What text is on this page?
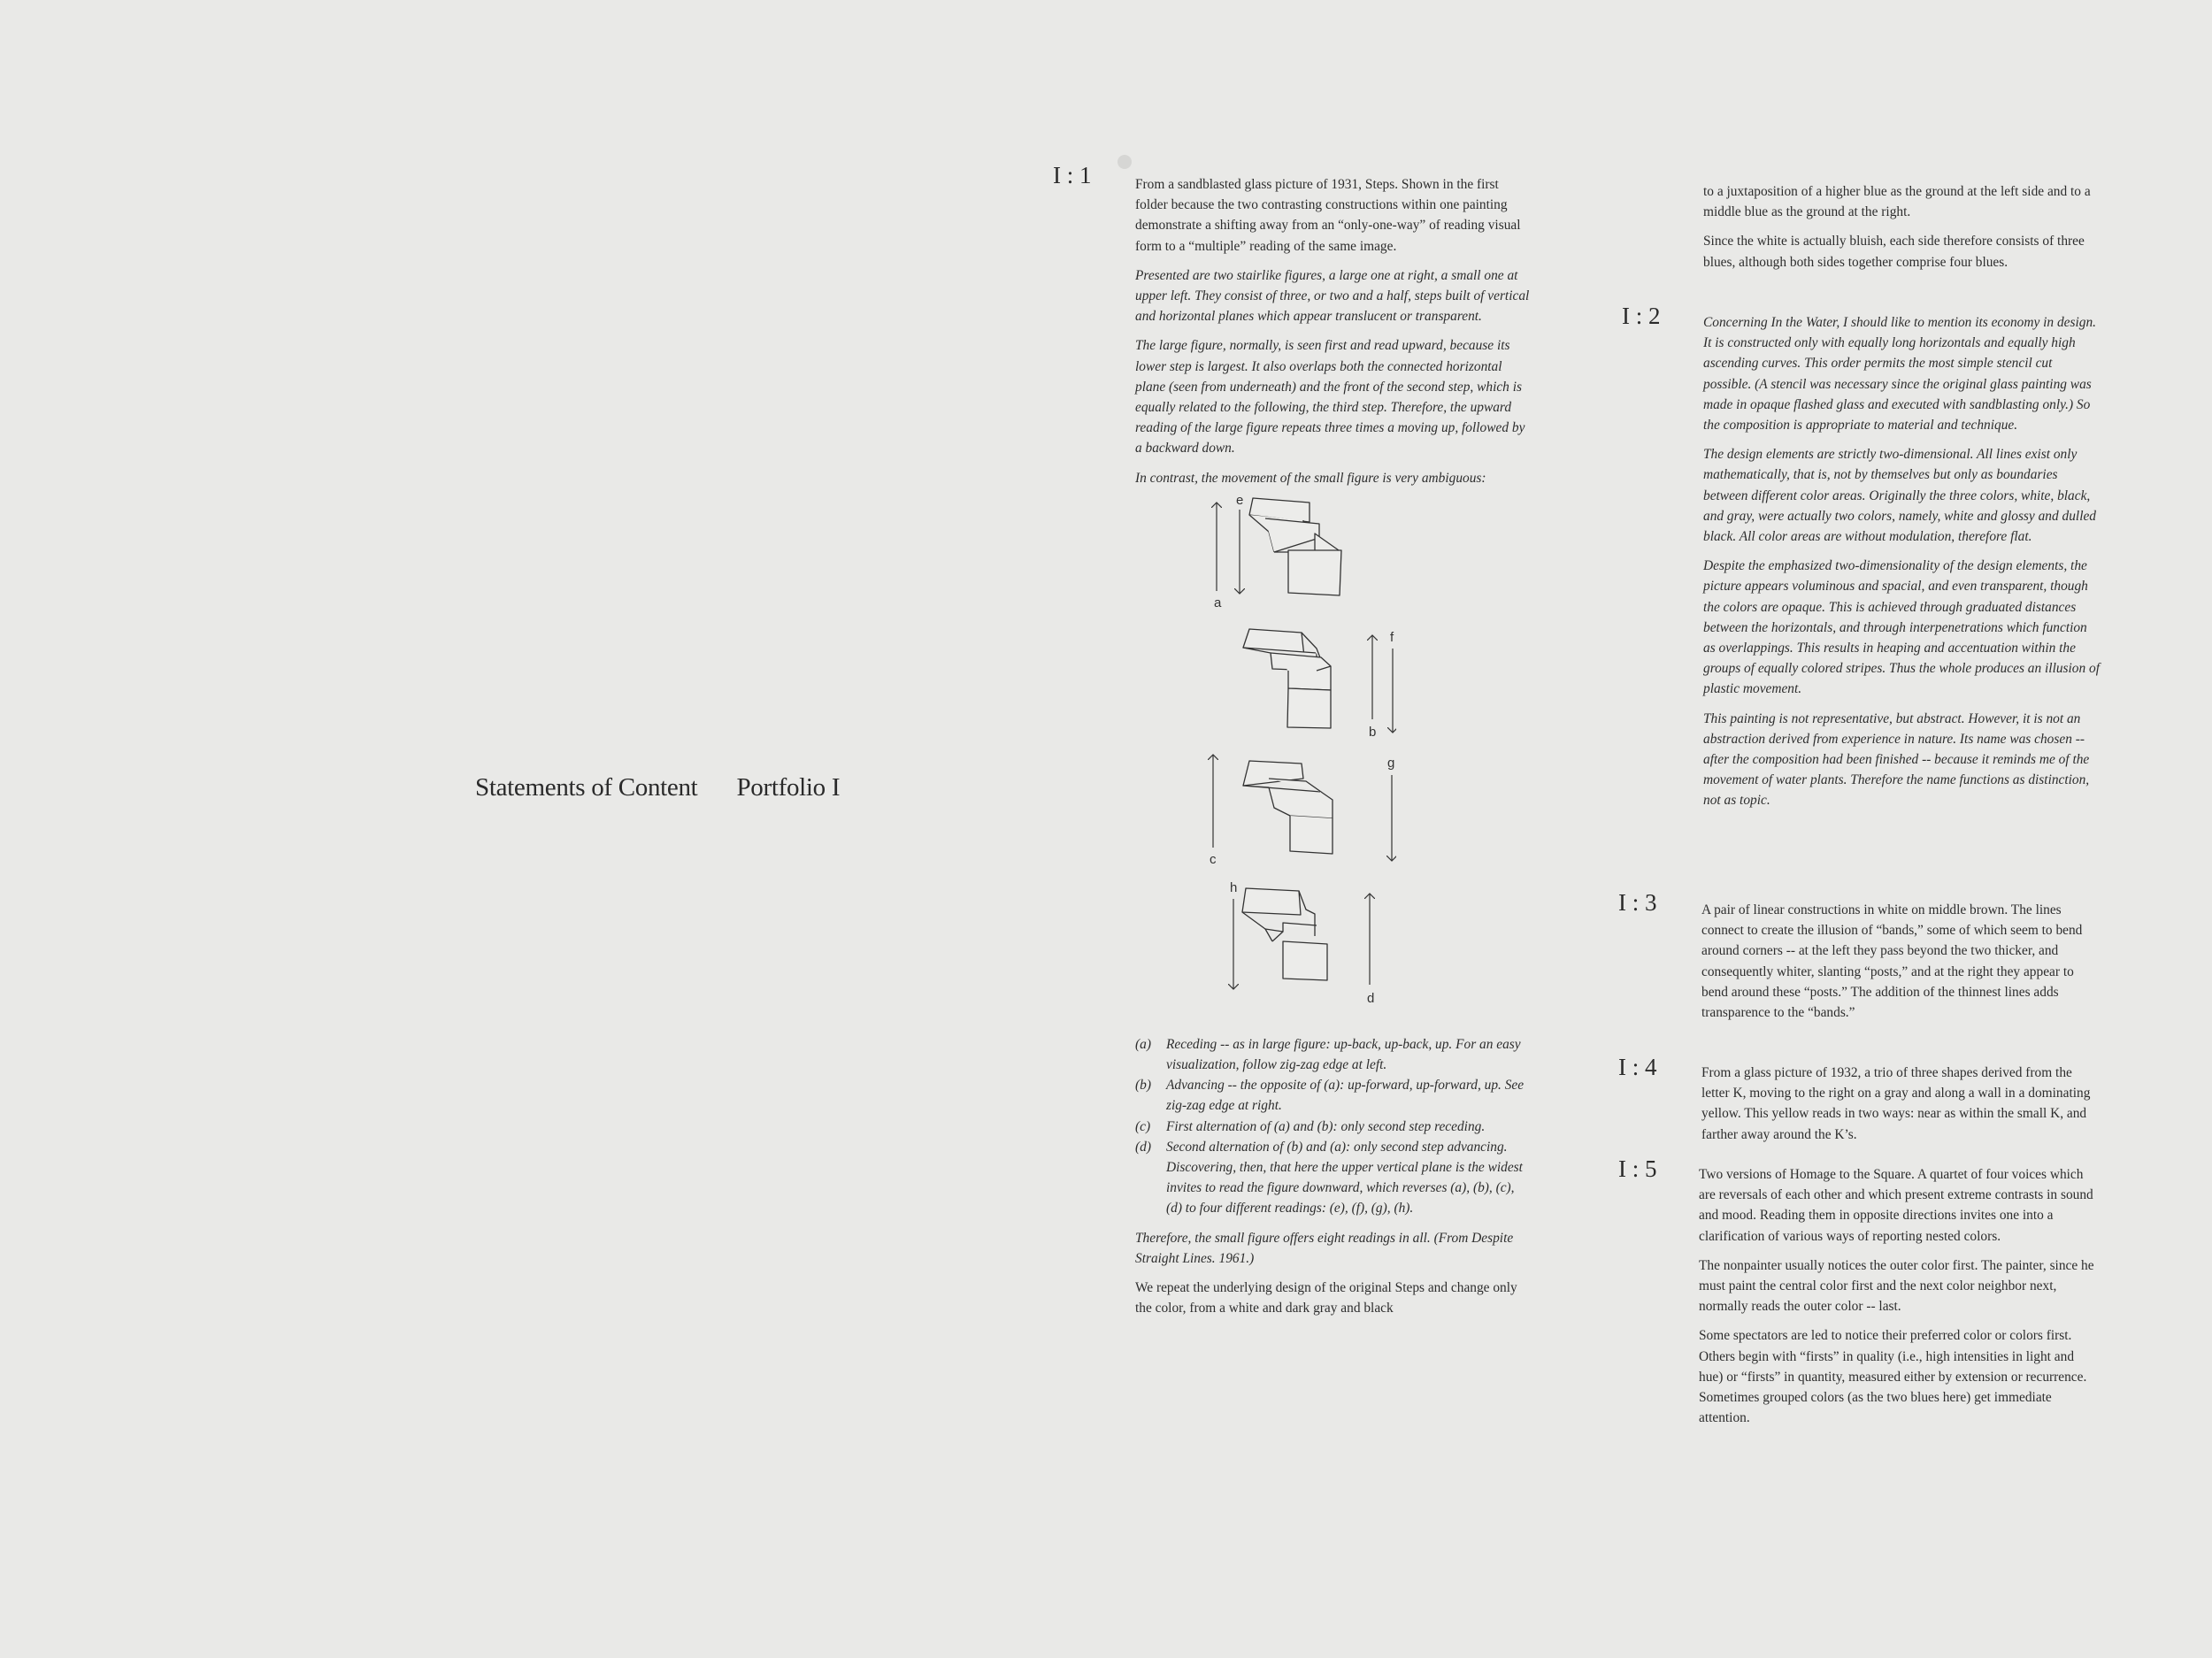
Statements of Content Portfolio I
I : 1
I : 2
I : 3
I : 4
I : 5

From a sandblasted glass picture of 1931, Steps. Shown in the first folder because the two contrasting constructions within one painting demonstrate a shifting away from an “only-one-way” of reading visual form to a “multiple” reading of the same image.

Presented are two stairlike figures, a large one at right, a small one at upper left. They consist of three, or two and a half, steps built of vertical and horizontal planes which appear translucent or transparent.

The large figure, normally, is seen first and read upward, because its lower step is largest. It also overlaps both the connected horizontal plane (seen from underneath) and the front of the second step, which is equally related to the following, the third step. Therefore, the upward reading of the large figure repeats three times a moving up, followed by a backward down.

In contrast, the movement of the small figure is very ambiguous:

a
e
b
f
c
g
h
d
(a) Receding -- as in large figure: up-back, up-back, up. For an easy visualization, follow zig-zag edge at left.
(b) Advancing -- the opposite of (a): up-forward, up-forward, up. See zig-zag edge at right.
(c) First alternation of (a) and (b): only second step receding.
(d) Second alternation of (b) and (a): only second step advancing. Discovering, then, that here the upper vertical plane is the widest invites to read the figure downward, which reverses (a), (b), (c), (d) to four different readings: (e), (f), (g), (h).

Therefore, the small figure offers eight readings in all. (From Despite Straight Lines. 1961.)

We repeat the underlying design of the original Steps and change only the color, from a white and dark gray and black

to a juxtaposition of a higher blue as the ground at the left side and to a middle blue as the ground at the right.

Since the white is actually bluish, each side therefore consists of three blues, although both sides together comprise four blues.

Concerning In the Water, I should like to mention its economy in design. It is constructed only with equally long horizontals and equally high ascending curves. This order permits the most simple stencil cut possible. (A stencil was necessary since the original glass painting was made in opaque flashed glass and executed with sandblasting only.) So the composition is appropriate to material and technique.

The design elements are strictly two-dimensional. All lines exist only mathematically, that is, not by themselves but only as boundaries between different color areas. Originally the three colors, white, black, and gray, were actually two colors, namely, white and glossy and dulled black. All color areas are without modulation, therefore flat.

Despite the emphasized two-dimensionality of the design elements, the picture appears voluminous and spacial, and even transparent, though the colors are opaque. This is achieved through graduated distances between the horizontals, and through interpenetrations which function as overlappings. This results in heaping and accentuation within the groups of equally colored stripes. Thus the whole produces an illusion of plastic movement.

This painting is not representative, but abstract. However, it is not an abstraction derived from experience in nature. Its name was chosen -- after the composition had been finished -- because it reminds me of the movement of water plants. Therefore the name functions as distinction, not as topic.

A pair of linear constructions in white on middle brown. The lines connect to create the illusion of “bands,” some of which seem to bend around corners -- at the left they pass beyond the two thicker, and consequently whiter, slanting “posts,” and at the right they appear to bend around these “posts.” The addition of the thinnest lines adds transparence to the “bands.”

From a glass picture of 1932, a trio of three shapes derived from the letter K, moving to the right on a gray and along a wall in a dominating yellow. This yellow reads in two ways: near as within the small K, and farther away around the K’s.

Two versions of Homage to the Square. A quartet of four voices which are reversals of each other and which present extreme contrasts in sound and mood. Reading them in opposite directions invites one into a clarification of various ways of reporting nested colors.

The nonpainter usually notices the outer color first. The painter, since he must paint the central color first and the next color neighbor next, normally reads the outer color -- last.

Some spectators are led to notice their preferred color or colors first. Others begin with “firsts” in quality (i.e., high intensities in light and hue) or “firsts” in quantity, measured either by extension or recurrence. Sometimes grouped colors (as the two blues here) get immediate attention.
